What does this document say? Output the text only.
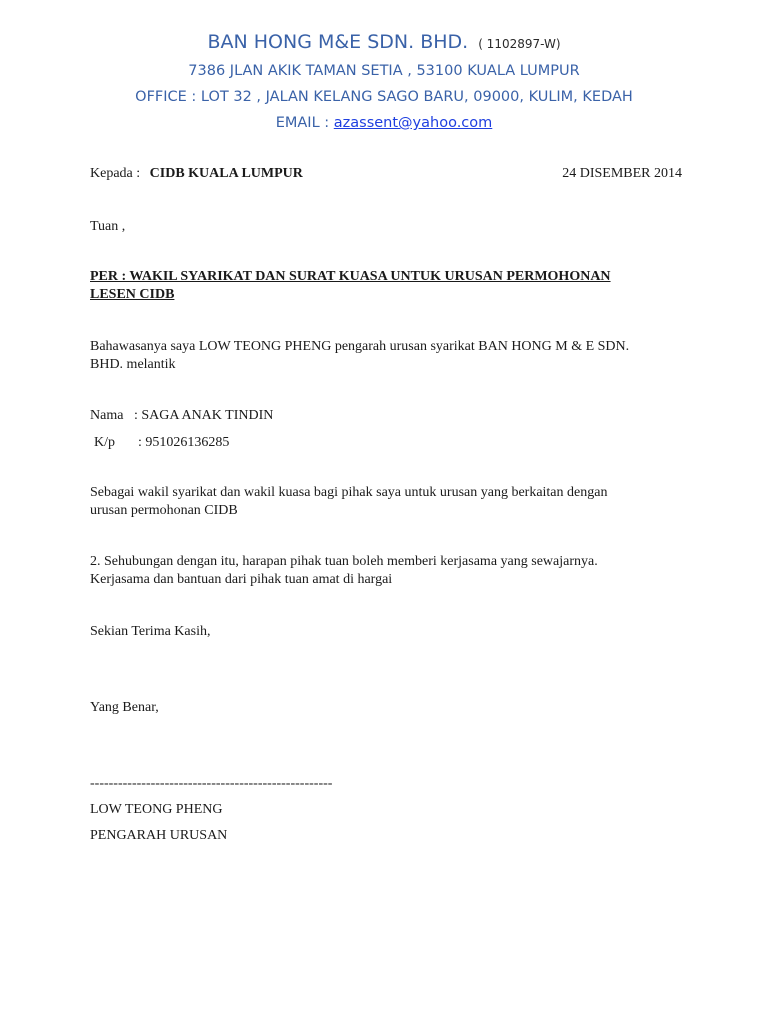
BAN HONG M&E SDN. BHD. ( 1102897-W)
7386 JLAN AKIK TAMAN SETIA , 53100 KUALA LUMPUR
OFFICE : LOT 32 , JALAN KELANG SAGO BARU, 09000, KULIM, KEDAH
EMAIL : azassent@yahoo.com
Kepada : CIDB KUALA LUMPUR	24 DISEMBER 2014
Tuan ,
PER : WAKIL SYARIKAT DAN SURAT KUASA UNTUK URUSAN PERMOHONAN
LESEN CIDB
Bahawasanya saya LOW TEONG PHENG pengarah urusan syarikat BAN HONG M & E SDN.
BHD. melantik
Nama : SAGA ANAK TINDIN
K/p : 951026136285
Sebagai wakil syarikat dan wakil kuasa bagi pihak saya untuk urusan yang berkaitan dengan
urusan permohonan CIDB
2. Sehubungan dengan itu, harapan pihak tuan boleh memberi kerjasama yang sewajarnya.
Kerjasama dan bantuan dari pihak tuan amat di hargai
Sekian Terima Kasih,
Yang Benar,
----------------------------------------------------
LOW TEONG PHENG
PENGARAH URUSAN
